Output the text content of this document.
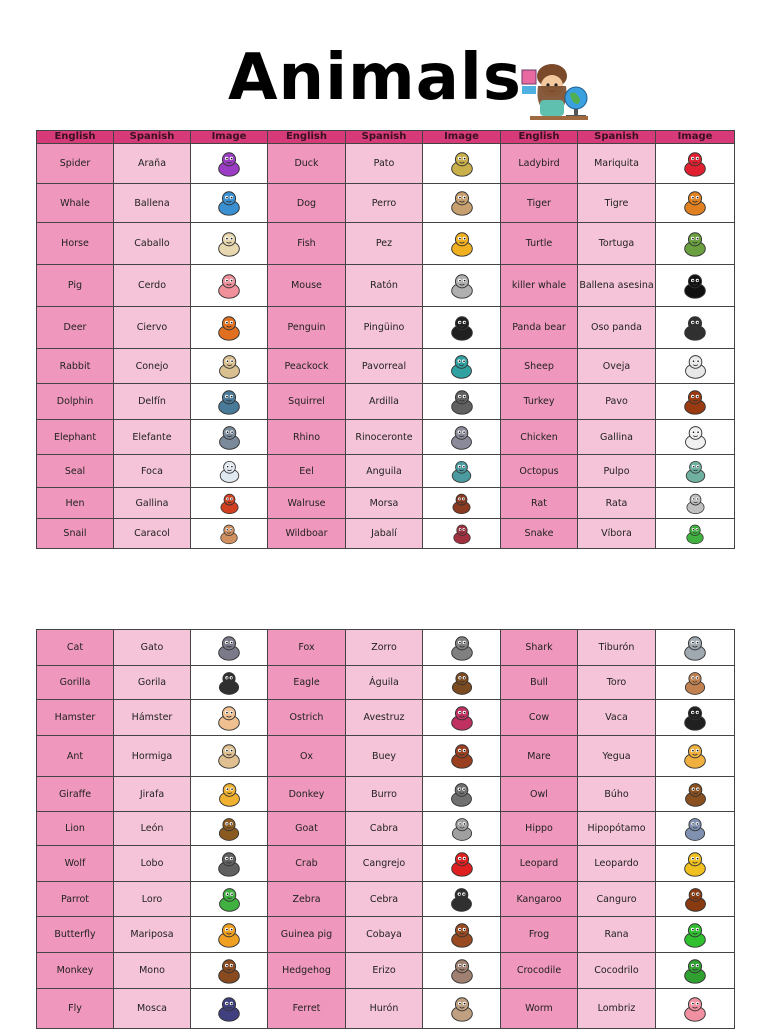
Animals
English	Spanish	Image	English	Spanish	Image	English	Spanish	Image
Spider	Araña		Duck	Pato		Ladybird	Mariquita	

Whale	Ballena		Dog	Perro		Tiger	Tigre	

Horse	Caballo		Fish	Pez		Turtle	Tortuga	

Pig	Cerdo		Mouse	Ratón		killer whale	Ballena asesina	

Deer	Ciervo		Penguin	Pingüino		Panda bear	Oso panda	

Rabbit	Conejo		Peackock	Pavorreal		Sheep	Oveja	

Dolphin	Delfín		Squirrel	Ardilla		Turkey	Pavo	

Elephant	Elefante		Rhino	Rinoceronte		Chicken	Gallina	

Seal	Foca		Eel	Anguila		Octopus	Pulpo	

Hen	Gallina		Walruse	Morsa		Rat	Rata	

Snail	Caracol		Wildboar	Jabalí		Snake	Víbora	
Cat	Gato		Fox	Zorro		Shark	Tiburón	

Gorilla	Gorila		Eagle	Águila		Bull	Toro	

Hamster	Hámster		Ostrich	Avestruz		Cow	Vaca	

Ant	Hormiga		Ox	Buey		Mare	Yegua	

Giraffe	Jirafa		Donkey	Burro		Owl	Búho	

Lion	León		Goat	Cabra		Hippo	Hipopótamo	

Wolf	Lobo		Crab	Cangrejo		Leopard	Leopardo	

Parrot	Loro		Zebra	Cebra		Kangaroo	Canguro	

Butterfly	Mariposa		Guinea pig	Cobaya		Frog	Rana	

Monkey	Mono		Hedgehog	Erizo		Crocodile	Cocodrilo	

Fly	Mosca		Ferret	Hurón		Worm	Lombriz	
